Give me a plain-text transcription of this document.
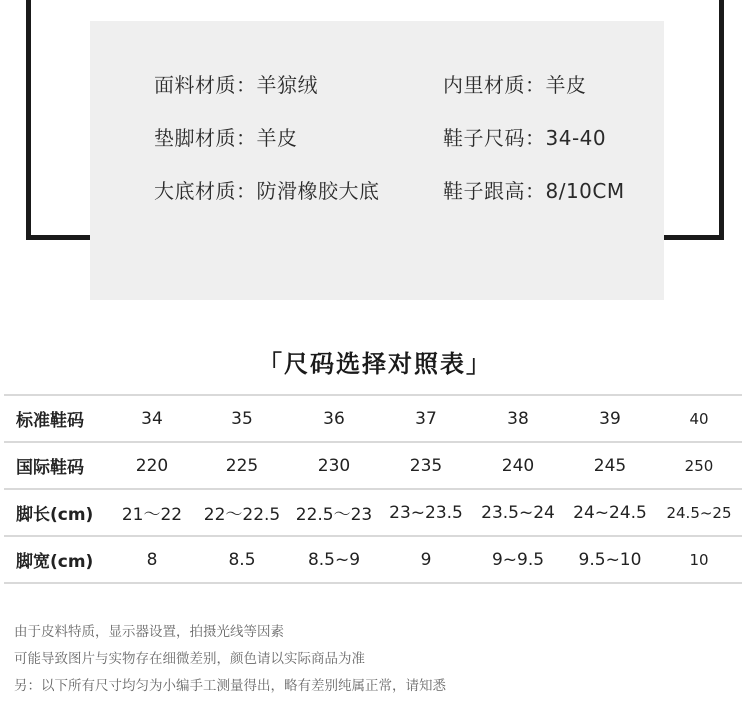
面料材质：羊猄绒	内里材质：羊皮
垫脚材质：羊皮	鞋子尺码：34-40
大底材质：防滑橡胶大底	鞋子跟高：8/10CM
「尺码选择对照表」
标准鞋码	34	35	36	37	38	39	40
国际鞋码	220	225	230	235	240	245	250
脚长(cm)	21～22	22～22.5	22.5～23	23~23.5	23.5~24	24~24.5	24.5~25
脚宽(cm)	8	8.5	8.5~9	9	9~9.5	9.5~10	10
由于皮料特质，显示器设置，拍摄光线等因素
可能导致图片与实物存在细微差别，颜色请以实际商品为准
另：以下所有尺寸均匀为小编手工测量得出，略有差别纯属正常，请知悉
